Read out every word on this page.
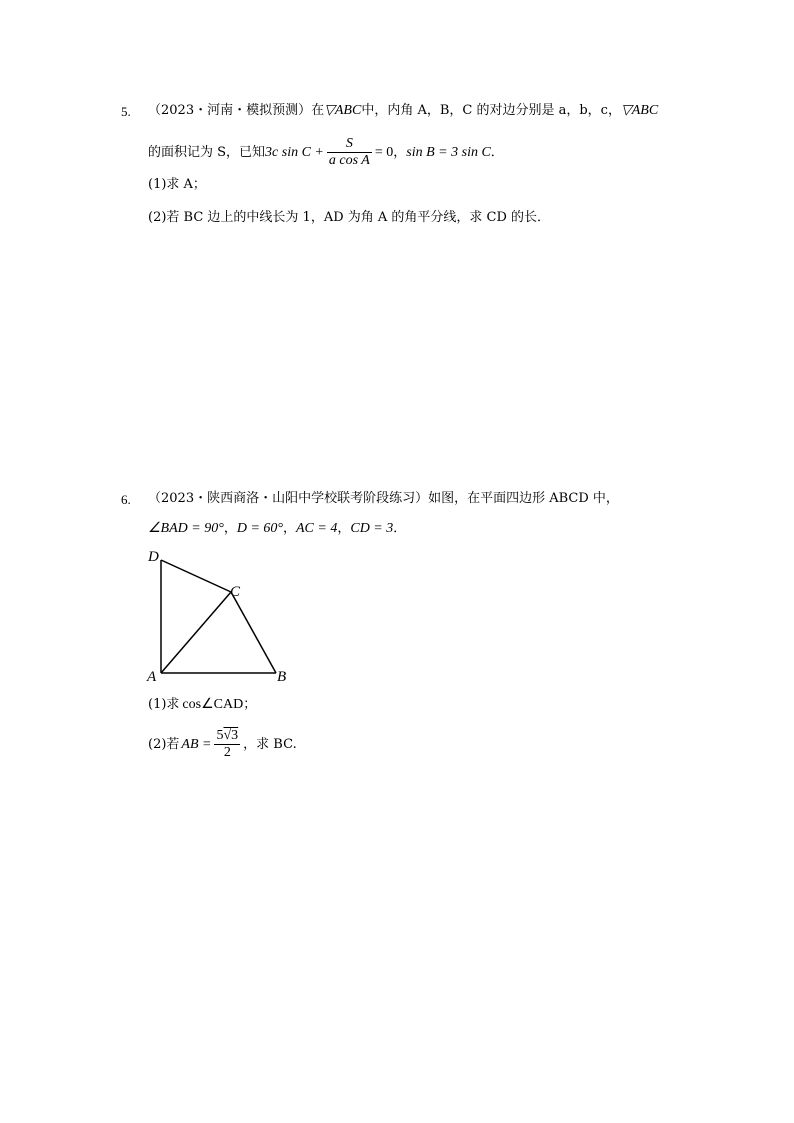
5. （2023・河南・模拟预测）在▽ABC中，内角 A，B，C 的对边分别是 a，b，c，▽ABC
的面积记为 S，已知3c $\sin C + \frac{S}{\text{a cos A}} = 0$，sin B = 3 sin C．
(1)求 A；
(2)若 BC 边上的中线长为 1，AD 为角 A 的角平分线，求 CD 的长．
6. （2023・陕西商洛・山阳中学校联考阶段练习）如图，在平面四边形 ABCD 中，
∠BAD = 90°，D = 60°，AC = 4，CD = 3．
D
C
A	B
(1)求 cos∠CAD；
(2)若 AB = $\frac{5√3}{2}$ ，求 BC.
